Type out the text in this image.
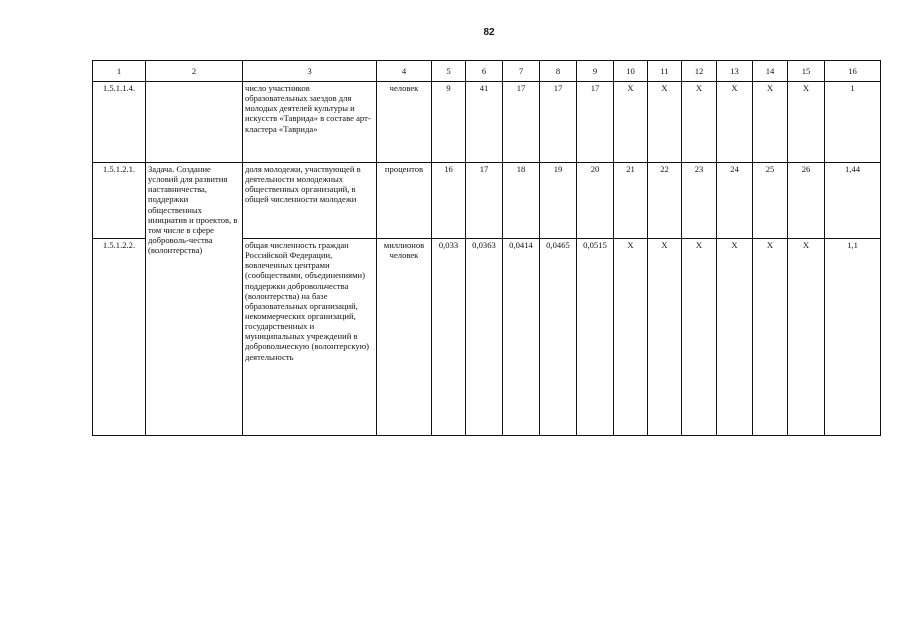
82
1	2	3	4	5	6	7	8	9	10	11	12	13	14	15	16
1.5.1.1.4.		число участников образовательных заездов для молодых деятелей культуры и искусств «Таврида» в составе арт-кластера «Таврида»	человек	9	41	17	17	17	X	X	X	X	X	X	1
1.5.1.2.1.	Задача. Создание условий для развития наставничества, поддержки общественных инициатив и проектов, в том числе в сфере доброволь-чества (волонтерства)	доля молодежи, участвующей в деятельности молодежных общественных организаций, в общей численности молодежи	процентов	16	17	18	19	20	21	22	23	24	25	26	1,44
1.5.1.2.2.		общая численность граждан Российской Федерации, вовлеченных центрами (сообществами, объединениями) поддержки добровольчества (волонтерства) на базе образовательных организаций, некоммерческих организаций, государственных и муниципальных учреждений в добровольческую (волонтерскую) деятельность	миллионов человек	0,033	0,0363	0,0414	0,0465	0,0515	X	X	X	X	X	X	1,1
